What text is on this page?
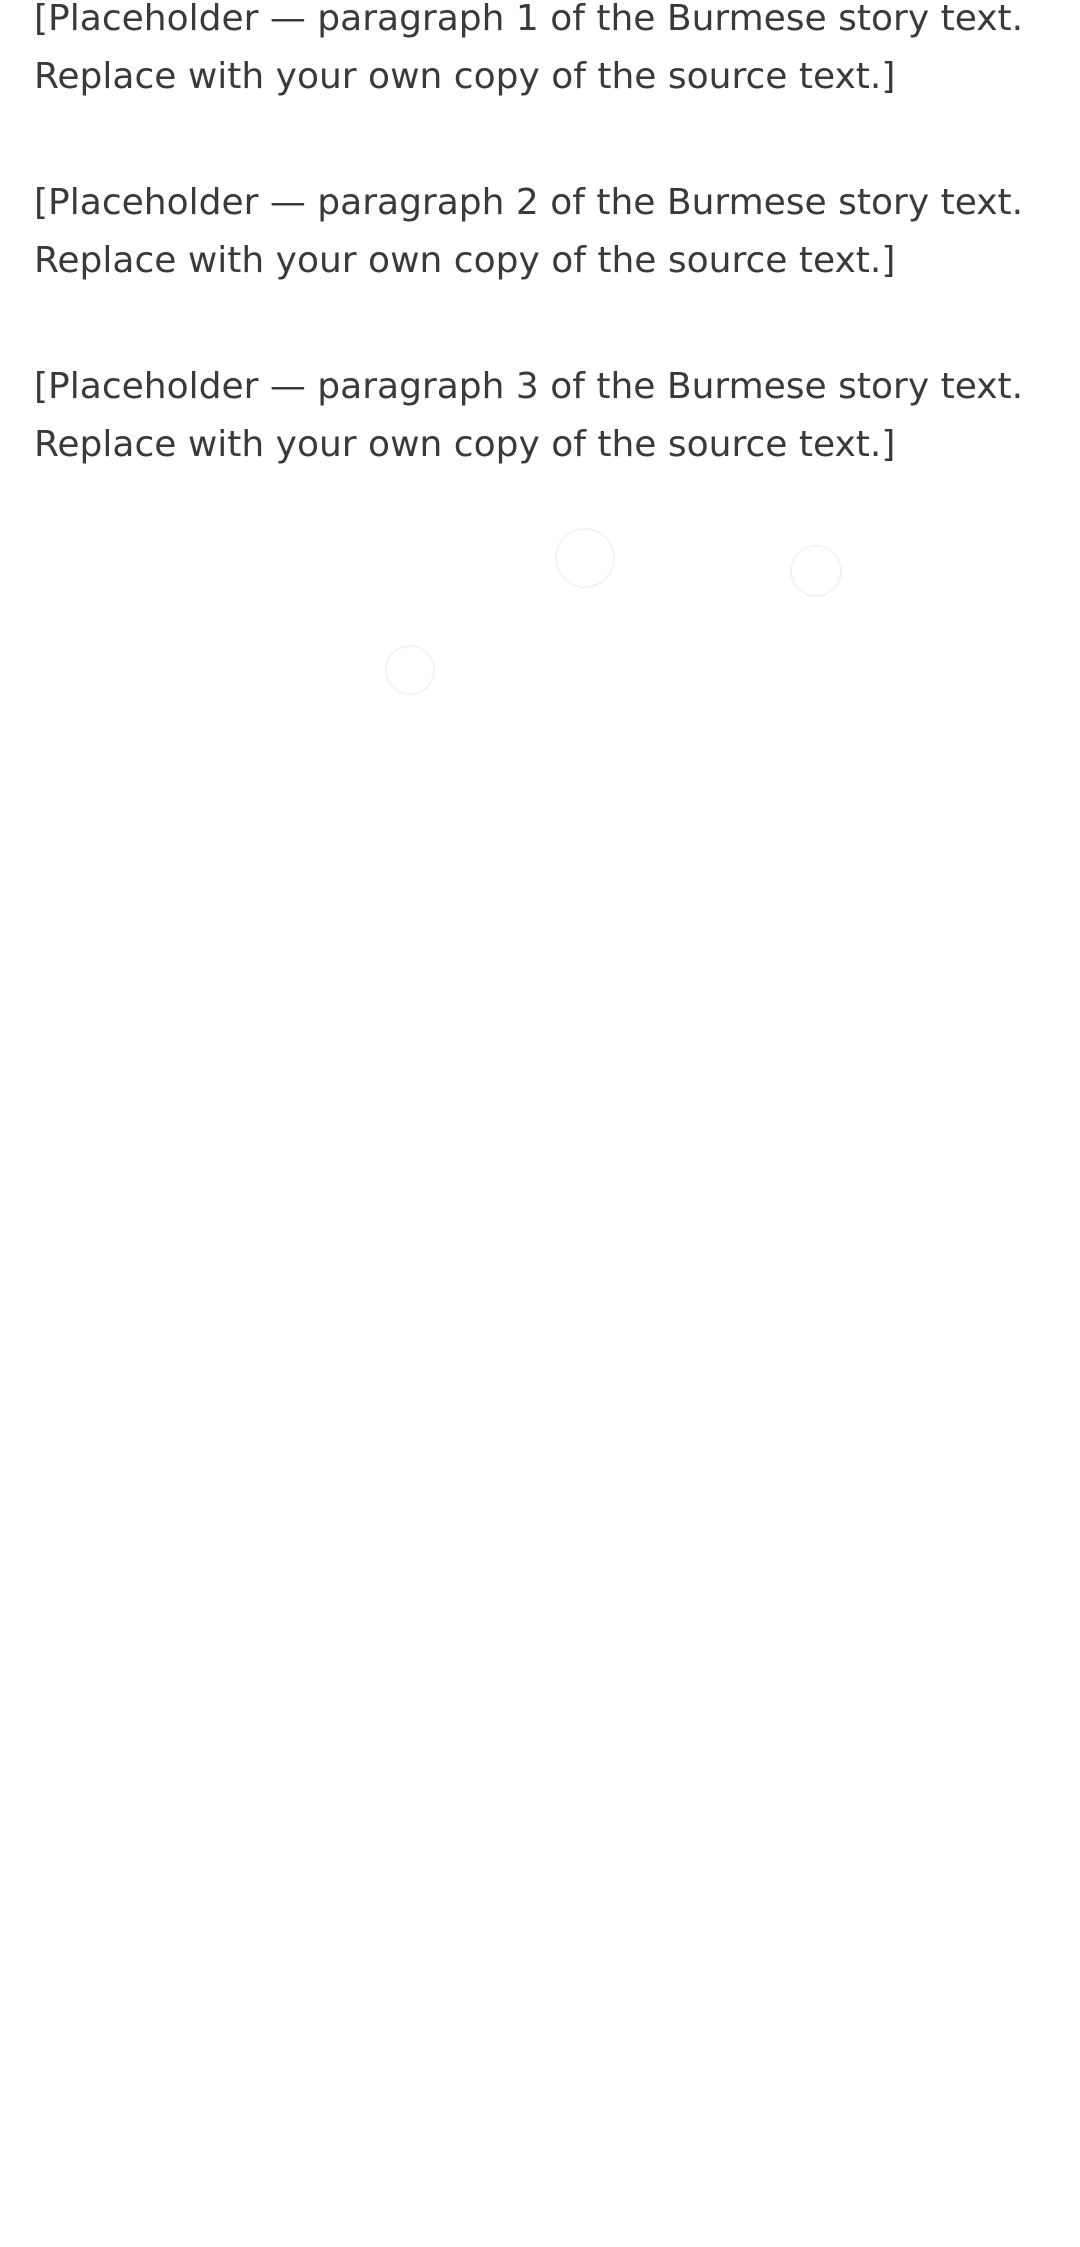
[Placeholder — paragraph 1 of the Burmese story text. Replace with your own copy of the source text.]

[Placeholder — paragraph 2 of the Burmese story text. Replace with your own copy of the source text.]

[Placeholder — paragraph 3 of the Burmese story text. Replace with your own copy of the source text.]
